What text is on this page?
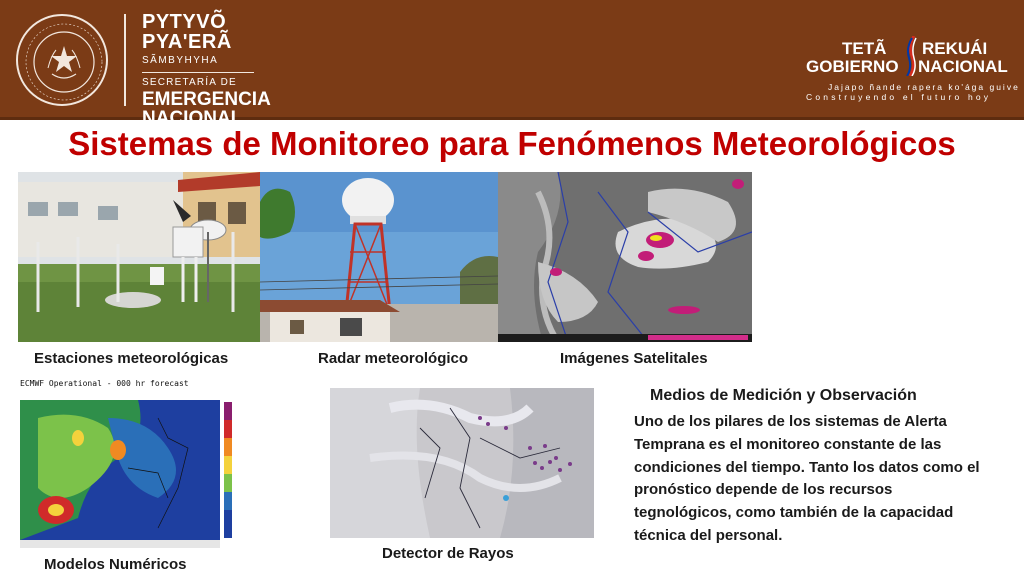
PYTYVÕ
PYA'ERÃ
SÃMBYHYHA
SECRETARÍA DE
EMERGENCIA
NACIONAL
TETÃ REKUÁI
GOBIERNO NACIONAL
Jajapo ñande rapera ko'ága guive
Construyendo el futuro hoy
Sistemas de Monitoreo para Fenómenos Meteorológicos
Estaciones meteorológicas	Radar meteorológico	Imágenes Satelitales
ECMWF Operational - 000 hr forecast
Modelos Numéricos
Detector de Rayos
Medios de Medición y Observación
Uno de los pilares de los sistemas de Alerta Temprana es el monitoreo constante de las condiciones del tiempo. Tanto los datos como el pronóstico depende de los recursos tegnológicos, como también de la capacidad técnica del personal.
